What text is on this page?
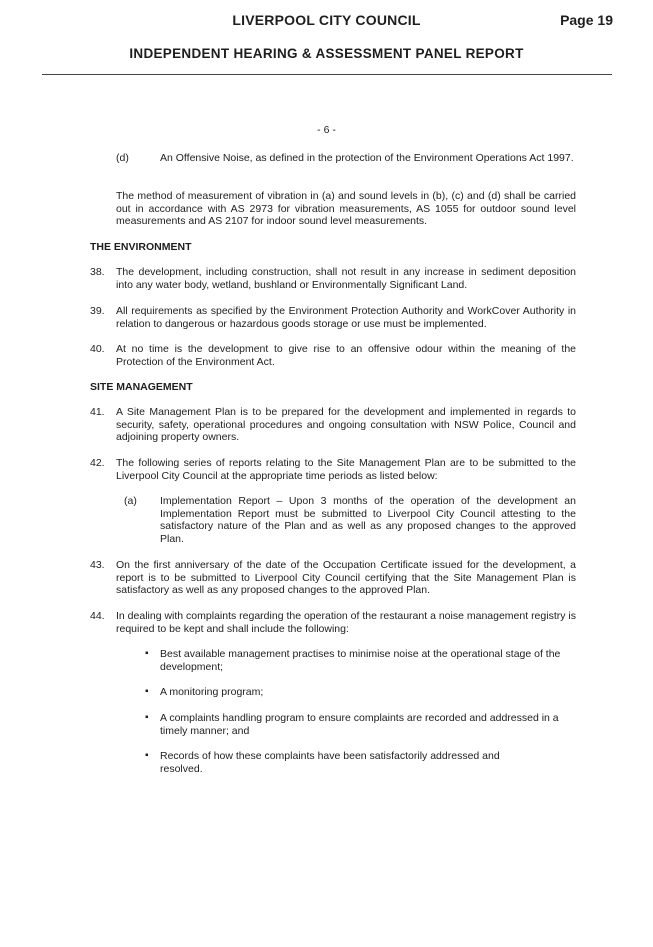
LIVERPOOL CITY COUNCIL	Page 19
INDEPENDENT HEARING & ASSESSMENT PANEL REPORT
- 6 -
(d)	An Offensive Noise, as defined in the protection of the Environment Operations Act 1997.
The method of measurement of vibration in (a) and sound levels in (b), (c) and (d) shall be carried out in accordance with AS 2973 for vibration measurements, AS 1055 for outdoor sound level measurements and AS 2107 for indoor sound level measurements.
THE ENVIRONMENT
38. The development, including construction, shall not result in any increase in sediment deposition into any water body, wetland, bushland or Environmentally Significant Land.
39. All requirements as specified by the Environment Protection Authority and WorkCover Authority in relation to dangerous or hazardous goods storage or use must be implemented.
40. At no time is the development to give rise to an offensive odour within the meaning of the Protection of the Environment Act.
SITE MANAGEMENT
41. A Site Management Plan is to be prepared for the development and implemented in regards to security, safety, operational procedures and ongoing consultation with NSW Police, Council and adjoining property owners.
42. The following series of reports relating to the Site Management Plan are to be submitted to the Liverpool City Council at the appropriate time periods as listed below:
(a) Implementation Report – Upon 3 months of the operation of the development an Implementation Report must be submitted to Liverpool City Council attesting to the satisfactory nature of the Plan and as well as any proposed changes to the approved Plan.
43. On the first anniversary of the date of the Occupation Certificate issued for the development, a report is to be submitted to Liverpool City Council certifying that the Site Management Plan is satisfactory as well as any proposed changes to the approved Plan.
44. In dealing with complaints regarding the operation of the restaurant a noise management registry is required to be kept and shall include the following:
▪ Best available management practises to minimise noise at the operational stage of the development;
▪ A monitoring program;
▪ A complaints handling program to ensure complaints are recorded and addressed in a timely manner; and
▪ Records of how these complaints have been satisfactorily addressed and resolved.
